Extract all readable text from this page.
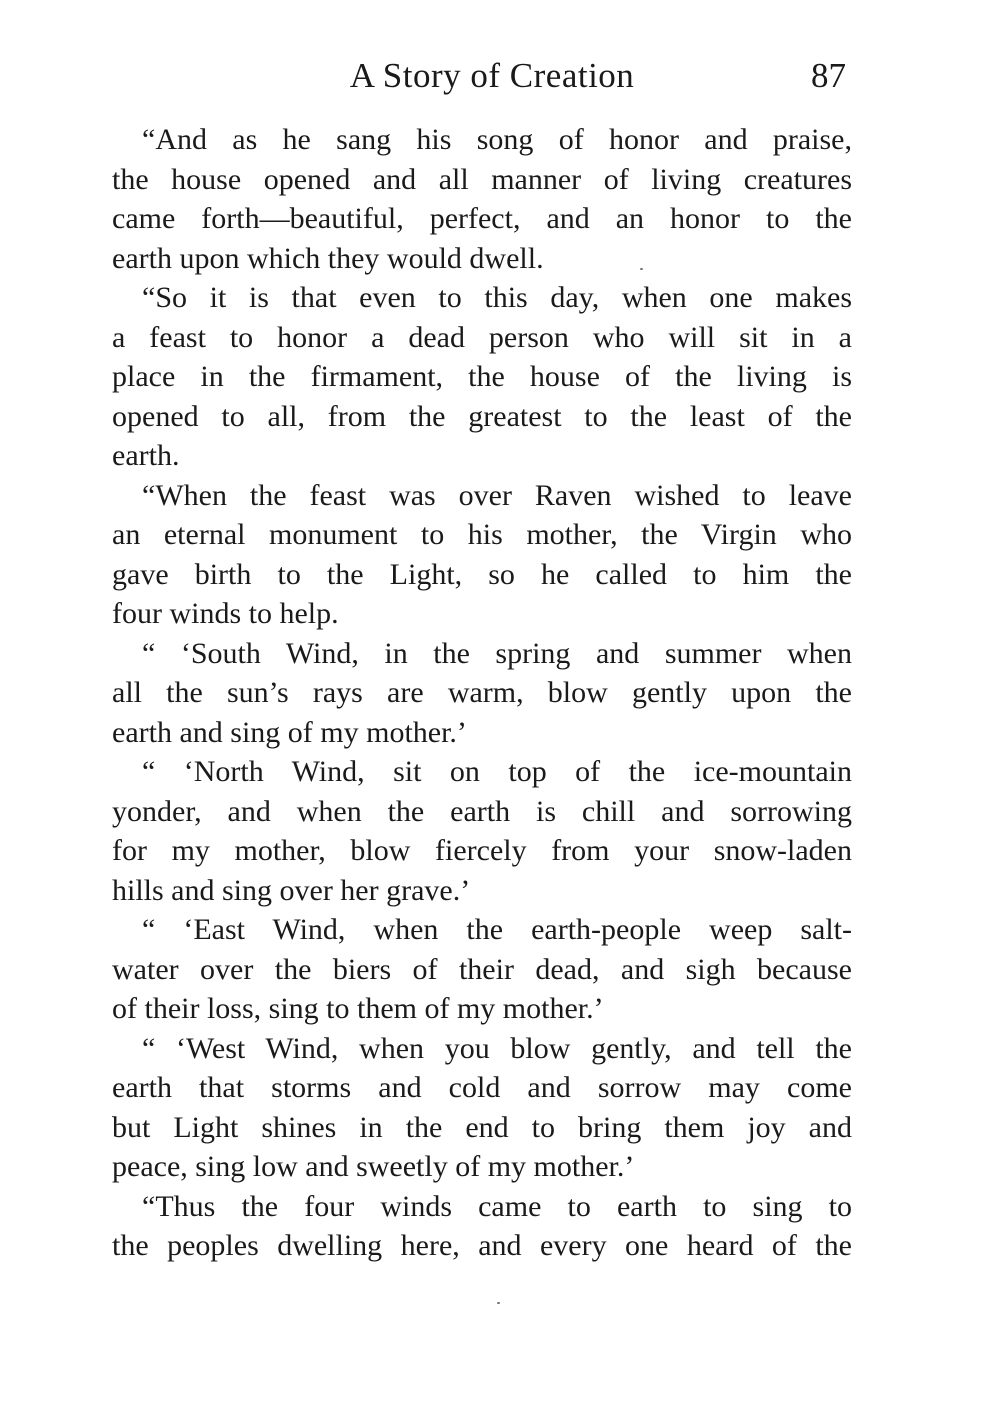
A Story of Creation	87
“And as he sang his song of honor and praise,
the house opened and all manner of living creatures
came forth—beautiful, perfect, and an honor to the
earth upon which they would dwell.
“So it is that even to this day, when one makes
a feast to honor a dead person who will sit in a
place in the firmament, the house of the living is
opened to all, from the greatest to the least of the
earth.
“When the feast was over Raven wished to leave
an eternal monument to his mother, the Virgin who
gave birth to the Light, so he called to him the
four winds to help.
“ ‘South Wind, in the spring and summer when
all the sun’s rays are warm, blow gently upon the
earth and sing of my mother.’
“ ‘North Wind, sit on top of the ice-mountain
yonder, and when the earth is chill and sorrowing
for my mother, blow fiercely from your snow-laden
hills and sing over her grave.’
“ ‘East Wind, when the earth-people weep salt-
water over the biers of their dead, and sigh because
of their loss, sing to them of my mother.’
“ ‘West Wind, when you blow gently, and tell the
earth that storms and cold and sorrow may come
but Light shines in the end to bring them joy and
peace, sing low and sweetly of my mother.’
“Thus the four winds came to earth to sing to
the peoples dwelling here, and every one heard of the
